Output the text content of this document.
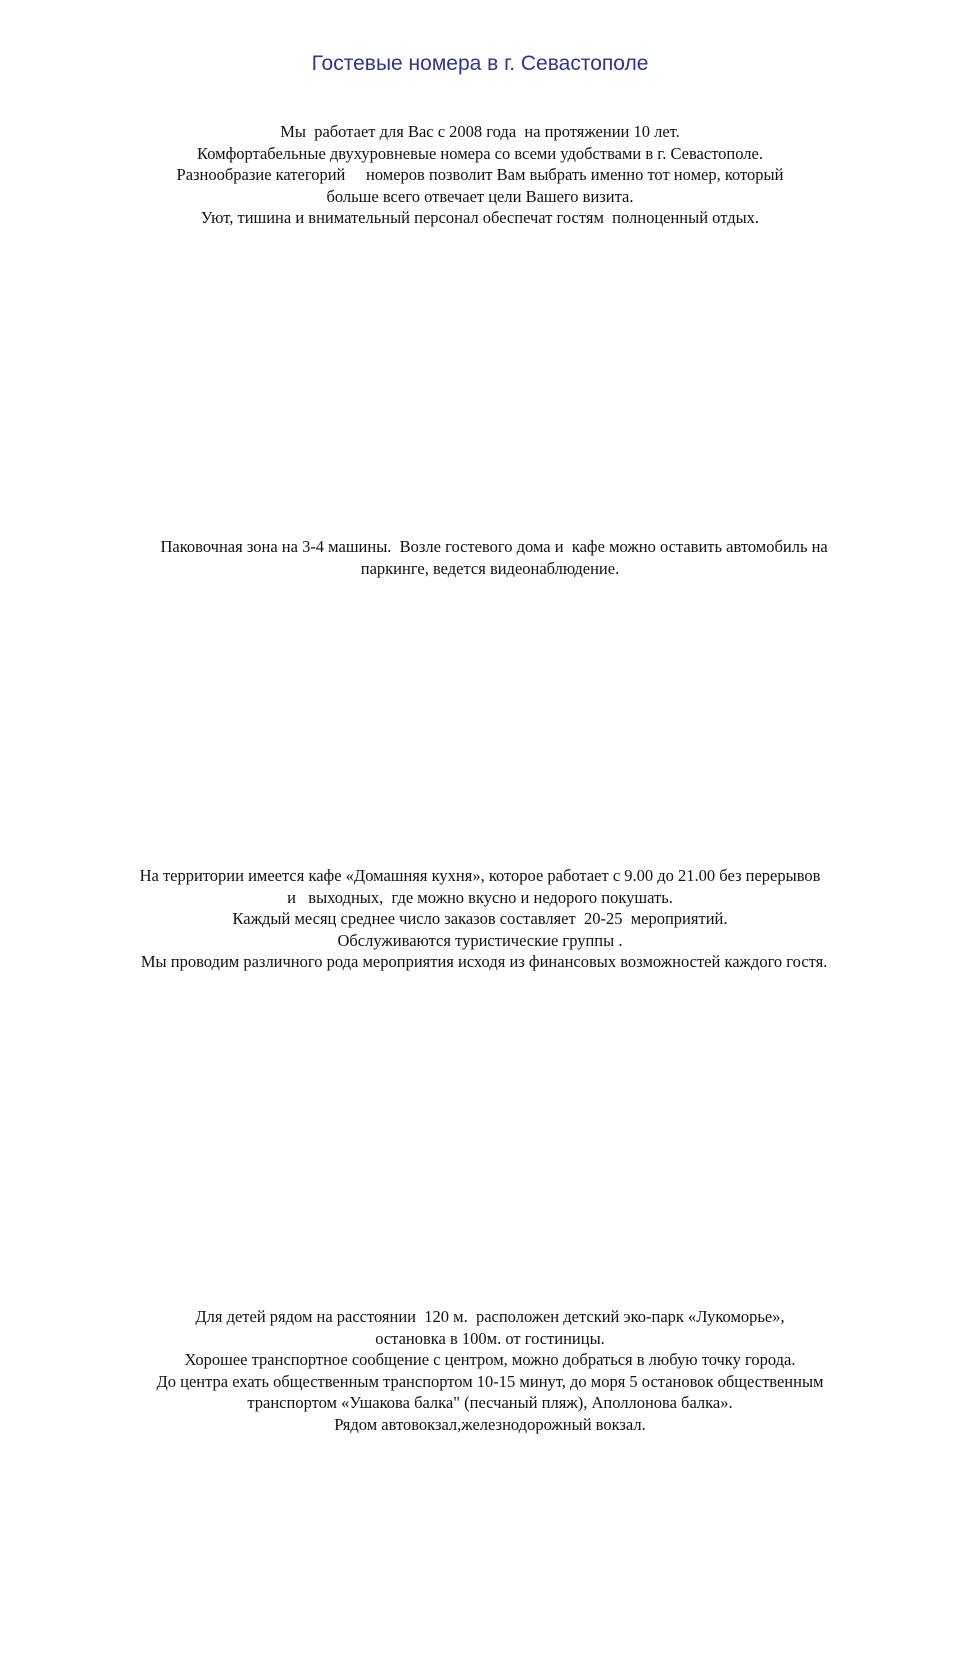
Гостевые номера в г. Севастополе
Мы  работает для Вас с 2008 года  на протяжении 10 лет.
Комфортабельные двухуровневые номера со всеми удобствами в г. Севастополе.
Разнообразие категорий     номеров позволит Вам выбрать именно тот номер, который
больше всего отвечает цели Вашего визита.
Уют, тишина и внимательный персонал обеспечат гостям  полноценный отдых.
Паковочная зона на 3-4 машины.  Возле гостевого дома и  кафе можно оставить автомобиль на
паркинге, ведется видеонаблюдение.
На территории имеется кафе «Домашняя кухня», которое работает с 9.00 до 21.00 без перерывов
и   выходных,  где можно вкусно и недорого покушать.
Каждый месяц среднее число заказов составляет  20-25  мероприятий.
Обслуживаются туристические группы .
Мы проводим различного рода мероприятия исходя из финансовых возможностей каждого гостя.
Для детей рядом на расстоянии  120 м.  расположен детский эко-парк «Лукоморье»,
остановка в 100м. от гостиницы.
Хорошее транспортное сообщение с центром, можно добраться в любую точку города.
До центра ехать общественным транспортом 10-15 минут, до моря 5 остановок общественным
транспортом «Ушакова балка" (песчаный пляж), Аполлонова балка».
Рядом автовокзал,железнодорожный вокзал.
